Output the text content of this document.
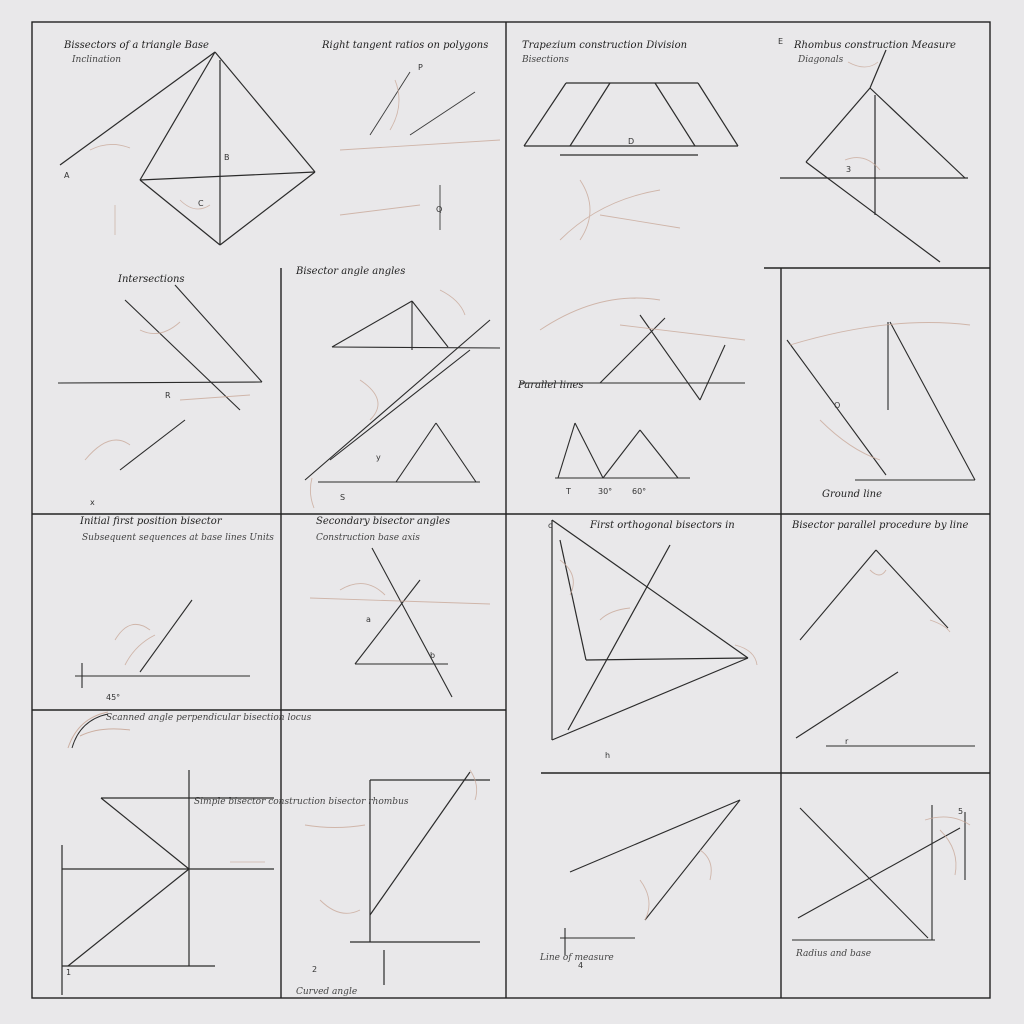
Bissectors of a triangle Base
Inclination
A
B
C
Right tangent ratios on polygons
P
Q
Trapezium construction Division
Bisections
D
Rhombus construction Measure
Diagonals
E
3
Intersections
R
x
Bisector angle angles
S
y
Parallel lines
T	30° 60°	Ground line
O
Initial first position bisector
Subsequent sequences at base lines Units
45°
Secondary bisector angles
Construction base axis
a
b
First orthogonal bisectors in
c
h
Bisector parallel procedure by line
r
Scanned angle perpendicular bisection locus
Simple bisector construction bisector rhombus
1
Curved angle
2
Line of measure
4
Radius and base
5
